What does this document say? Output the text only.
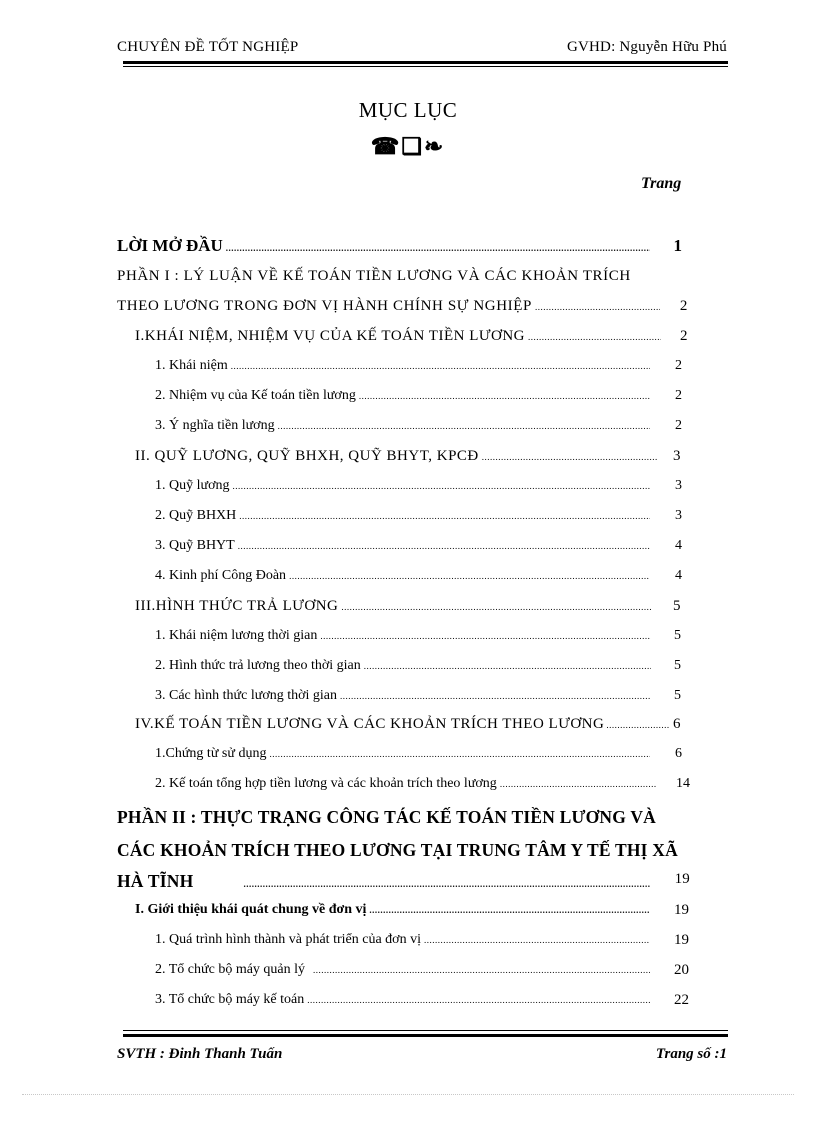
CHUYÊN ĐỀ TỐT NGHIỆP	GVHD: Nguyễn Hữu Phú
MỤC LỤC
☎❑❧
Trang
LỜI MỞ ĐẦU .....	1
PHẦN I : LÝ LUẬN VỀ KẾ TOÁN TIỀN LƯƠNG VÀ CÁC KHOẢN TRÍCH
THEO LƯƠNG TRONG ĐƠN VỊ HÀNH CHÍNH SỰ NGHIỆP .....	2
I.KHÁI NIỆM, NHIỆM VỤ CỦA KẾ TOÁN TIỀN LƯƠNG .....	2
1. Khái niệm .....	2
2. Nhiệm vụ của Kế toán tiền lương .....	2
3. Ý nghĩa tiền lương .....	2
II. QUỸ LƯƠNG, QUỸ BHXH, QUỸ BHYT, KPCĐ .....	3
1. Quỹ lương .....	3
2. Quỹ BHXH .....	3
3. Quỹ BHYT .....	4
4. Kinh phí Công Đoàn .....	4
III.HÌNH THỨC TRẢ LƯƠNG .....	5
1. Khái niệm lương thời gian .....	5
2. Hình thức trả lương theo thời gian .....	5
3. Các hình thức lương thời gian .....	5
IV.KẾ TOÁN TIỀN LƯƠNG VÀ CÁC KHOẢN TRÍCH THEO LƯƠNG .....	6
1.Chứng từ sử dụng .....	6
2. Kế toán tổng hợp tiền lương và các khoản trích theo lương .....	14
PHẦN II : THỰC TRẠNG CÔNG TÁC KẾ TOÁN TIỀN LƯƠNG VÀ
CÁC KHOẢN TRÍCH THEO LƯƠNG TẠI TRUNG TÂM Y TẾ THỊ XÃ
HÀ TĨNH .....	19
I. Giới thiệu khái quát chung về đơn vị .....	19
1. Quá trình hình thành và phát triển của đơn vị .....	19
2. Tổ chức bộ máy quản lý .....	20
3. Tổ chức bộ máy kế toán .....	22
SVTH : Đinh Thanh Tuấn	Trang số :1
